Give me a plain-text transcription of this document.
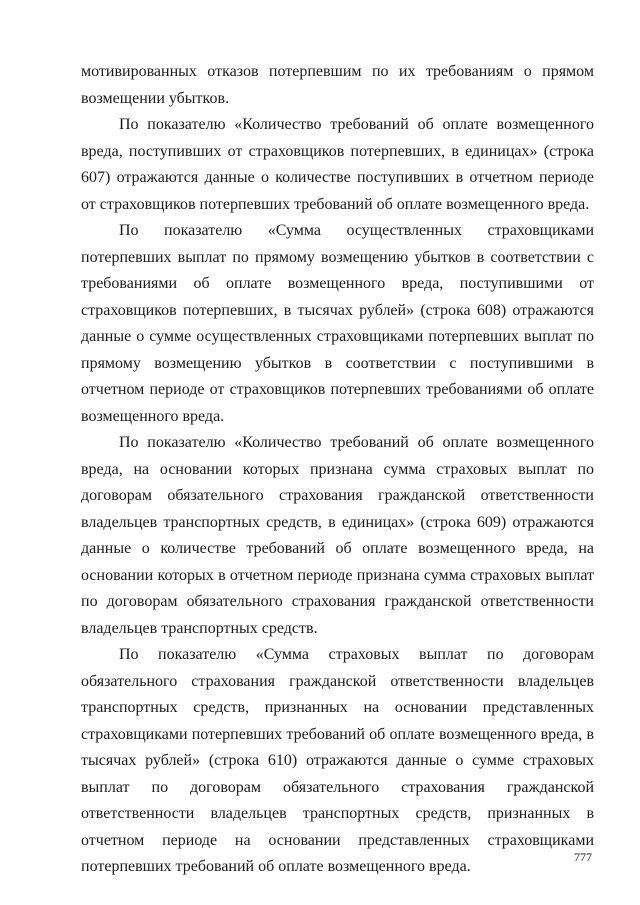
мотивированных отказов потерпевшим по их требованиям о прямом возмещении убытков.

По показателю «Количество требований об оплате возмещенного вреда, поступивших от страховщиков потерпевших, в единицах» (строка 607) отражаются данные о количестве поступивших в отчетном периоде от страховщиков потерпевших требований об оплате возмещенного вреда.

По показателю «Сумма осуществленных страховщиками потерпевших выплат по прямому возмещению убытков в соответствии с требованиями об оплате возмещенного вреда, поступившими от страховщиков потерпевших, в тысячах рублей» (строка 608) отражаются данные о сумме осуществленных страховщиками потерпевших выплат по прямому возмещению убытков в соответствии с поступившими в отчетном периоде от страховщиков потерпевших требованиями об оплате возмещенного вреда.

По показателю «Количество требований об оплате возмещенного вреда, на основании которых признана сумма страховых выплат по договорам обязательного страхования гражданской ответственности владельцев транспортных средств, в единицах» (строка 609) отражаются данные о количестве требований об оплате возмещенного вреда, на основании которых в отчетном периоде признана сумма страховых выплат по договорам обязательного страхования гражданской ответственности владельцев транспортных средств.

По показателю «Сумма страховых выплат по договорам обязательного страхования гражданской ответственности владельцев транспортных средств, признанных на основании представленных страховщиками потерпевших требований об оплате возмещенного вреда, в тысячах рублей» (строка 610) отражаются данные о сумме страховых выплат по договорам обязательного страхования гражданской ответственности владельцев транспортных средств, признанных в отчетном периоде на основании представленных страховщиками потерпевших требований об оплате возмещенного вреда.

777
